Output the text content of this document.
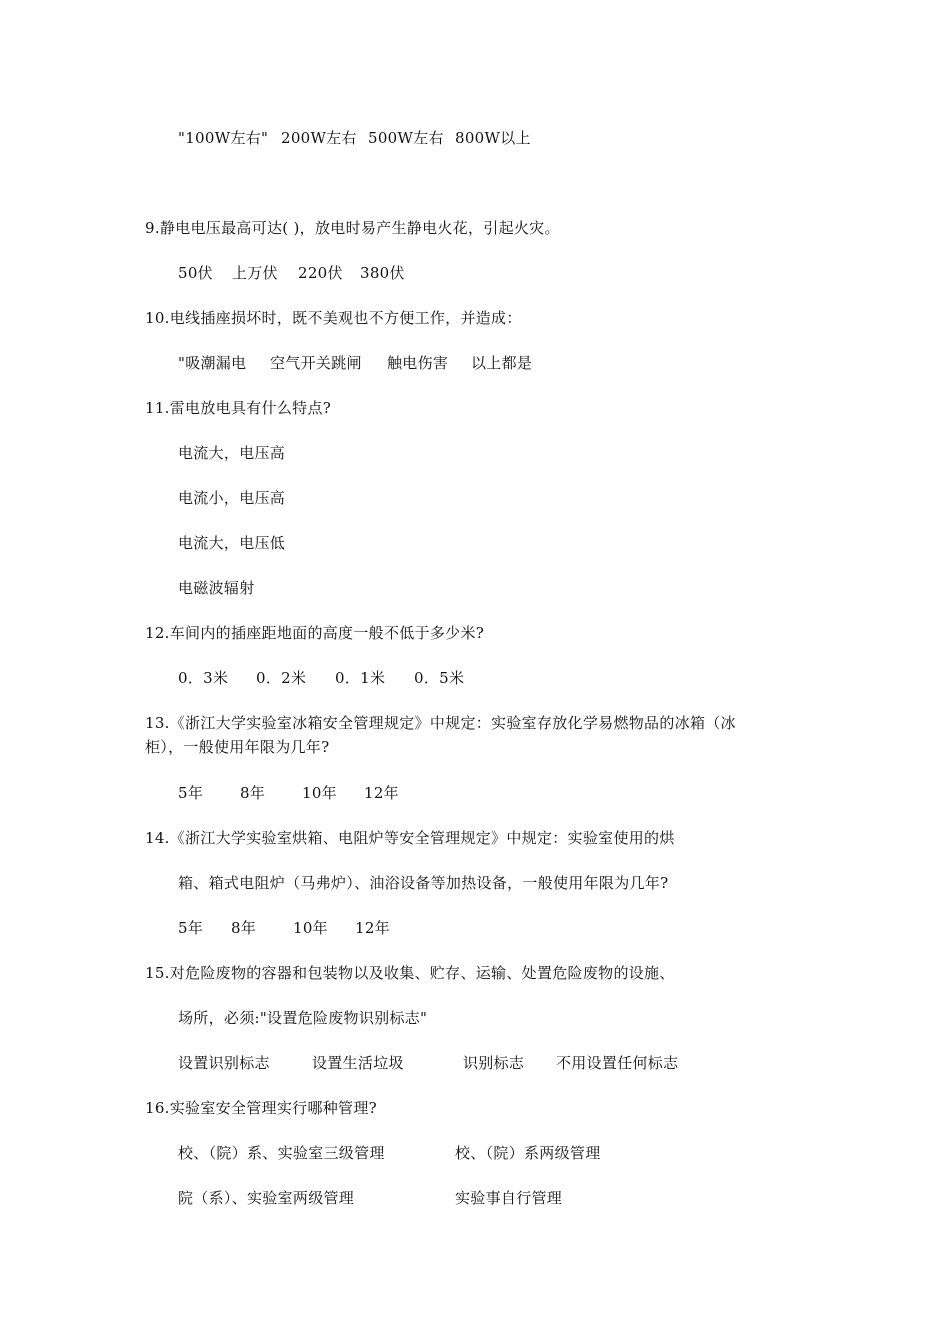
"100W左右" 200W左右 500W左右 800W以上
9.静电电压最高可达( )，放电时易产生静电火花，引起火灾。
50伏 上万伏 220伏 380伏
10.电线插座损坏时，既不美观也不方便工作，并造成：
"吸潮漏电 空气开关跳闸 触电伤害 以上都是
11.雷电放电具有什么特点?
电流大，电压高
电流小，电压高
电流大，电压低
电磁波辐射
12.车间内的插座距地面的高度一般不低于多少米?
0．3米 0．2米 0．1米 0．5米
13.《浙江大学实验室冰箱安全管理规定》中规定：实验室存放化学易燃物品的冰箱（冰
柜），一般使用年限为几年?
5年 8年 10年 12年
14.《浙江大学实验室烘箱、电阻炉等安全管理规定》中规定：实验室使用的烘
箱、箱式电阻炉（马弗炉）、油浴设备等加热设备，一般使用年限为几年?
5年 8年 10年 12年
15.对危险废物的容器和包装物以及收集、贮存、运输、处置危险废物的设施、
场所，必须:"设置危险废物识别标志"
设置识别标志	设置生活垃圾	识别标志 不用设置任何标志
16.实验室安全管理实行哪种管理?
校、（院）系、实验室三级管理	校、（院）系两级管理
院（系）、实验室两级管理	实验事自行管理
